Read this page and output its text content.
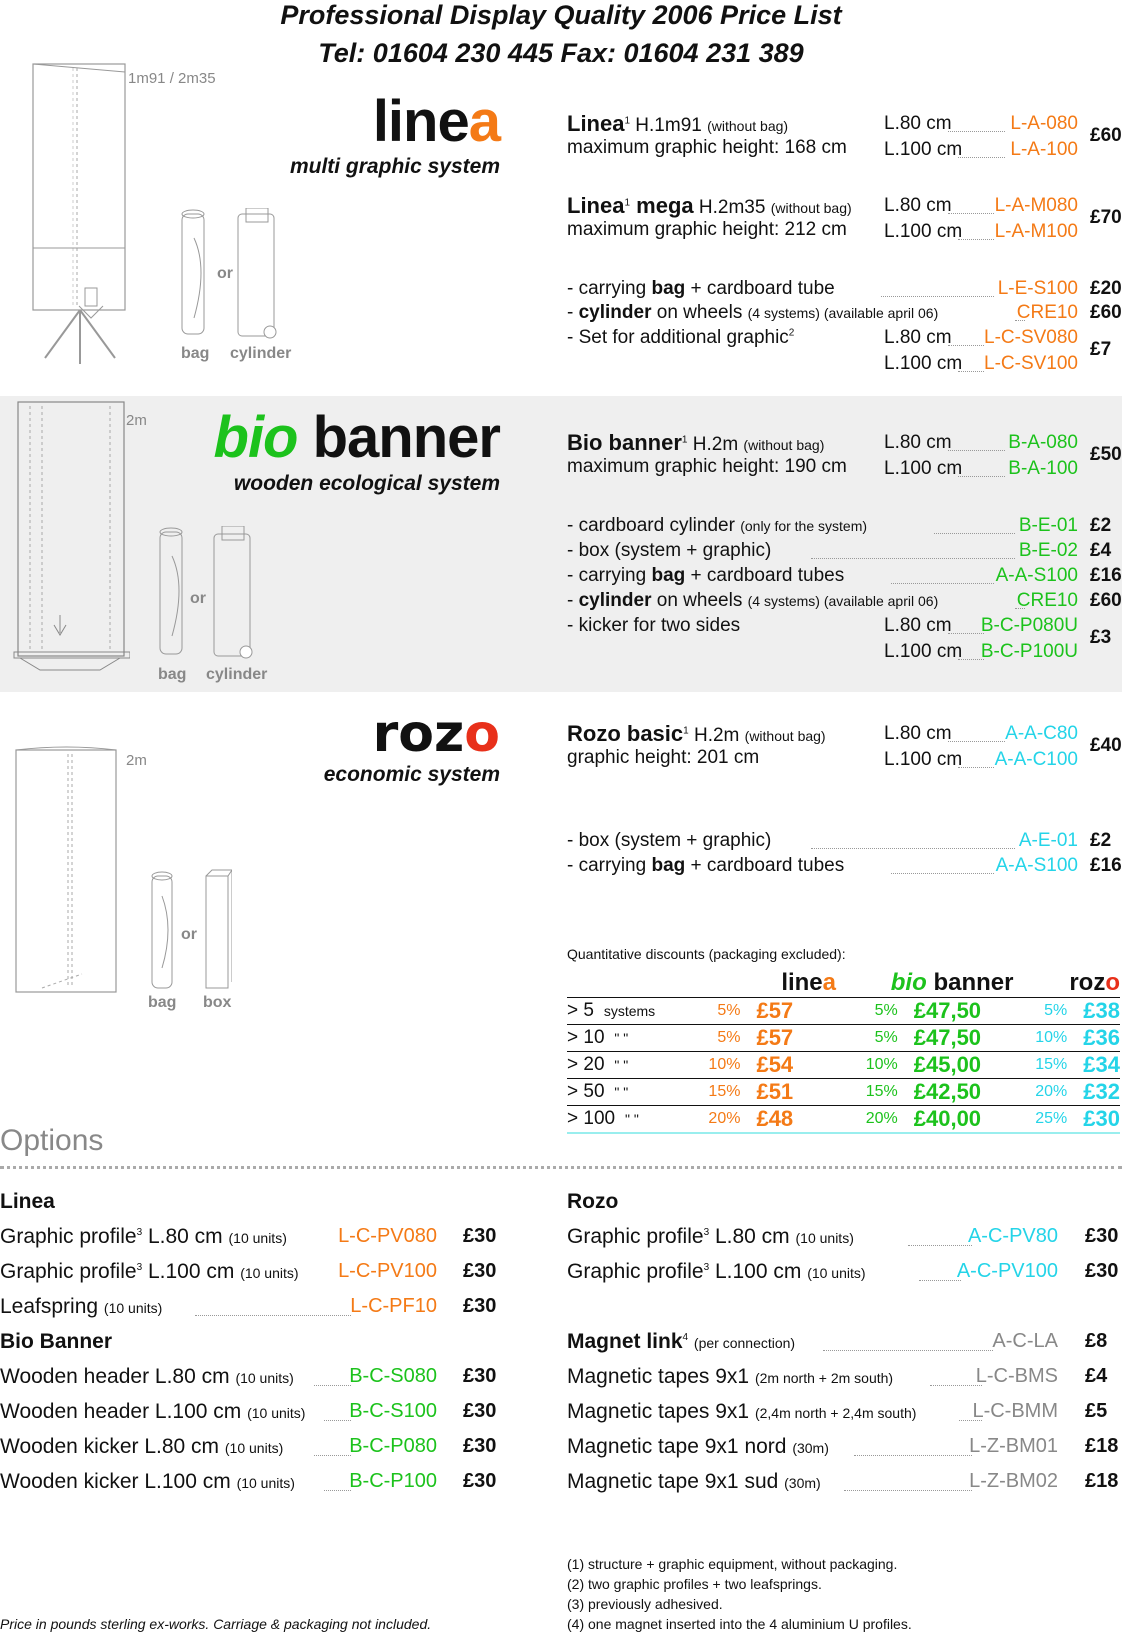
Professional Display Quality 2006 Price List
Tel: 01604 230 445 Fax: 01604 231 389
1m91 / 2m35
or
bag cylinder
linea
multi graphic system
Linea$^1$ H.1m91 (without bag)
maximum graphic height: 168 cm
L.80 cm	L-A-080
L.100 cm	L-A-100
£60
Linea$^1$ mega H.2m35 (without bag)
maximum graphic height: 212 cm
L.80 cm L-A-M080
L.100 cm L-A-M100
£70
- carrying bag + cardboard tube	L-E-S100 £20
- cylinder on wheels (4 systems) (available april 06)	CRE10 £60
- Set for additional graphic$^2$	L.80 cm L-C-SV080
L.100 cm L-C-SV100
£7
2m
or
bag cylinder
bio banner
wooden ecological system
Bio banner$^1$ H.2m (without bag)
maximum graphic height: 190 cm
L.80 cm	B-A-080
L.100 cm B-A-100
£50
- cardboard cylinder (only for the system)	B-E-01 £2
- box (system + graphic)	B-E-02 £4
- carrying bag + cardboard tubes	A-A-S100 £16
- cylinder on wheels (4 systems) (available april 06)	CRE10 £60
- kicker for two sides	L.80 cm B-C-P080U
L.100 cm B-C-P100U
£3
2m
or
bag box
rozo
economic system
Rozo basic$^1$ H.2m (without bag)
graphic height: 201 cm
L.80 cm	A-A-C80
L.100 cm A-A-C100
£40
- box (system + graphic)	A-E-01 £2
- carrying bag + cardboard tubes	A-A-S100 £16
Quantitative discounts (packaging excluded):
linea			bio banner		rozo	
> 5 systems	5%	£57	5%	£47,50	5%	£38
> 10 " "	5%	£57	5%	£47,50	10%	£36
> 20 " "	10%	£54	10%	£45,00	15%	£34
> 50 " "	15%	£51	15%	£42,50	20%	£32
> 100 " "	20%	£48	20%	£40,00	25%	£30
Options
Linea
Graphic profile$^3$ L.80 cm (10 units)	L-C-PV080 £30
Graphic profile$^3$ L.100 cm (10 units) L-C-PV100 £30
Leafspring (10 units)	L-C-PF10 £30
Bio Banner
Wooden header L.80 cm (10 units)	B-C-S080 £30
Wooden header L.100 cm (10 units) B-C-S100 £30
Wooden kicker L.80 cm (10 units)	B-C-P080 £30
Wooden kicker L.100 cm (10 units)	B-C-P100 £30
Rozo
Graphic profile$^3$ L.80 cm (10 units)	A-C-PV80 £30
Graphic profile$^3$ L.100 cm (10 units)	A-C-PV100 £30
Magnet link$^4$ (per connection)	A-C-LA £8
Magnetic tapes 9x1 (2m north + 2m south)	L-C-BMS £4
Magnetic tapes 9x1 (2,4m north + 2,4m south)	L-C-BMM £5
Magnetic tape 9x1 nord (30m)	L-Z-BM01 £18
Magnetic tape 9x1 sud (30m)	L-Z-BM02 £18
(1) structure + graphic equipment, without packaging.
(2) two graphic profiles + two leafsprings.
(3) previously adhesived.
(4) one magnet inserted into the 4 aluminium U profiles.
Price in pounds sterling ex-works. Carriage & packaging not included.
